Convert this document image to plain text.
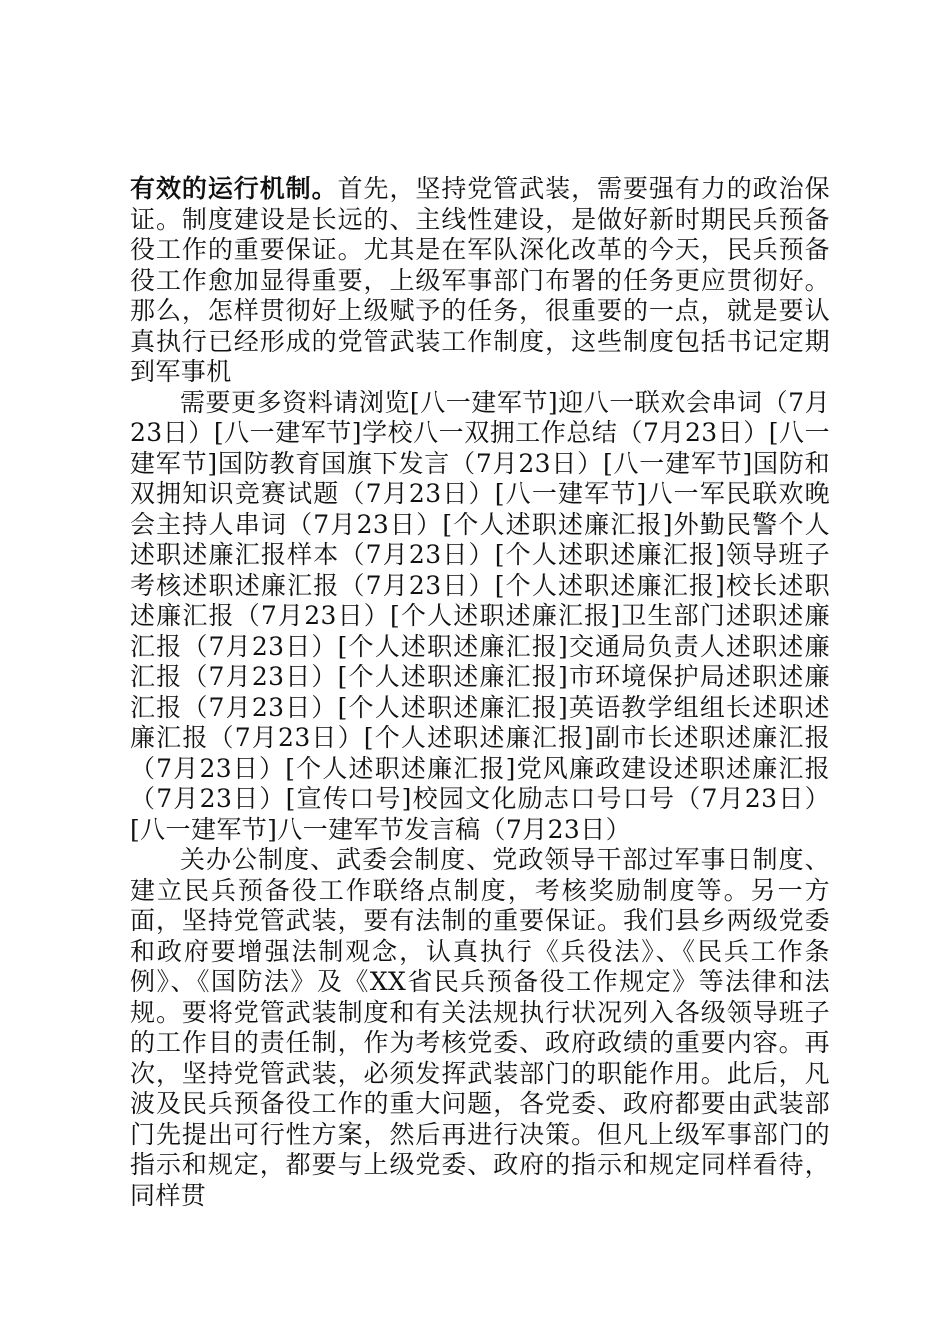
有效的运行机制。首先，坚持党管武装，需要强有力的政治保证。制度建设是长远的、主线性建设，是做好新时期民兵预备役工作的重要保证。尤其是在军队深化改革的今天，民兵预备役工作愈加显得重要，上级军事部门布署的任务更应贯彻好。那么，怎样贯彻好上级赋予的任务，很重要的一点，就是要认真执行已经形成的党管武装工作制度，这些制度包括书记定期到军事机

需要更多资料请浏览[八一建军节]迎八一联欢会串词（7月23日）[八一建军节]学校八一双拥工作总结（7月23日）[八一建军节]国防教育国旗下发言（7月23日）[八一建军节]国防和双拥知识竞赛试题（7月23日）[八一建军节]八一军民联欢晚会主持人串词（7月23日）[个人述职述廉汇报]外勤民警个人述职述廉汇报样本（7月23日）[个人述职述廉汇报]领导班子考核述职述廉汇报（7月23日）[个人述职述廉汇报]校长述职述廉汇报（7月23日）[个人述职述廉汇报]卫生部门述职述廉汇报（7月23日）[个人述职述廉汇报]交通局负责人述职述廉汇报（7月23日）[个人述职述廉汇报]市环境保护局述职述廉汇报（7月23日）[个人述职述廉汇报]英语教学组组长述职述廉汇报（7月23日）[个人述职述廉汇报]副市长述职述廉汇报（7月23日）[个人述职述廉汇报]党风廉政建设述职述廉汇报（7月23日）[宣传口号]校园文化励志口号口号（7月23日）[八一建军节]八一建军节发言稿（7月23日）

关办公制度、武委会制度、党政领导干部过军事日制度、建立民兵预备役工作联络点制度，考核奖励制度等。另一方面，坚持党管武装，要有法制的重要保证。我们县乡两级党委和政府要增强法制观念，认真执行《兵役法》、《民兵工作条例》、《国防法》及《XX省民兵预备役工作规定》等法律和法规。要将党管武装制度和有关法规执行状况列入各级领导班子的工作目的责任制，作为考核党委、政府政绩的重要内容。再次，坚持党管武装，必须发挥武装部门的职能作用。此后，凡波及民兵预备役工作的重大问题，各党委、政府都要由武装部门先提出可行性方案，然后再进行决策。但凡上级军事部门的指示和规定，都要与上级党委、政府的指示和规定同样看待，同样贯
